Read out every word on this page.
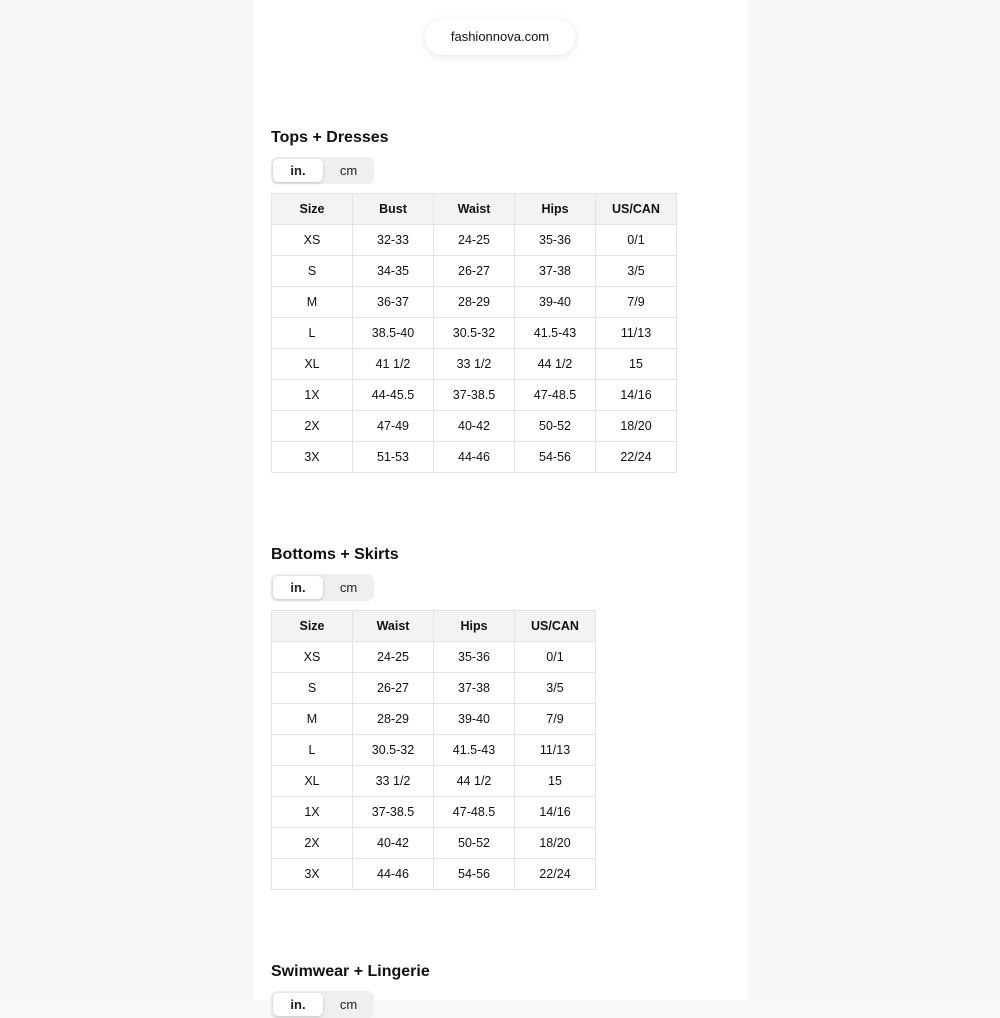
fashionnova.com
Tops + Dresses
in.	cm
Size	Bust	Waist	Hips	US/CAN
XS	32-33	24-25	35-36	0/1
S	34-35	26-27	37-38	3/5
M	36-37	28-29	39-40	7/9
L	38.5-40	30.5-32	41.5-43	11/13
XL	41 1/2	33 1/2	44 1/2	15
1X	44-45.5	37-38.5	47-48.5	14/16
2X	47-49	40-42	50-52	18/20
3X	51-53	44-46	54-56	22/24
Bottoms + Skirts
in.	cm
Size	Waist	Hips	US/CAN
XS	24-25	35-36	0/1
S	26-27	37-38	3/5
M	28-29	39-40	7/9
L	30.5-32	41.5-43	11/13
XL	33 1/2	44 1/2	15
1X	37-38.5	47-48.5	14/16
2X	40-42	50-52	18/20
3X	44-46	54-56	22/24
Swimwear + Lingerie
in.	cm
